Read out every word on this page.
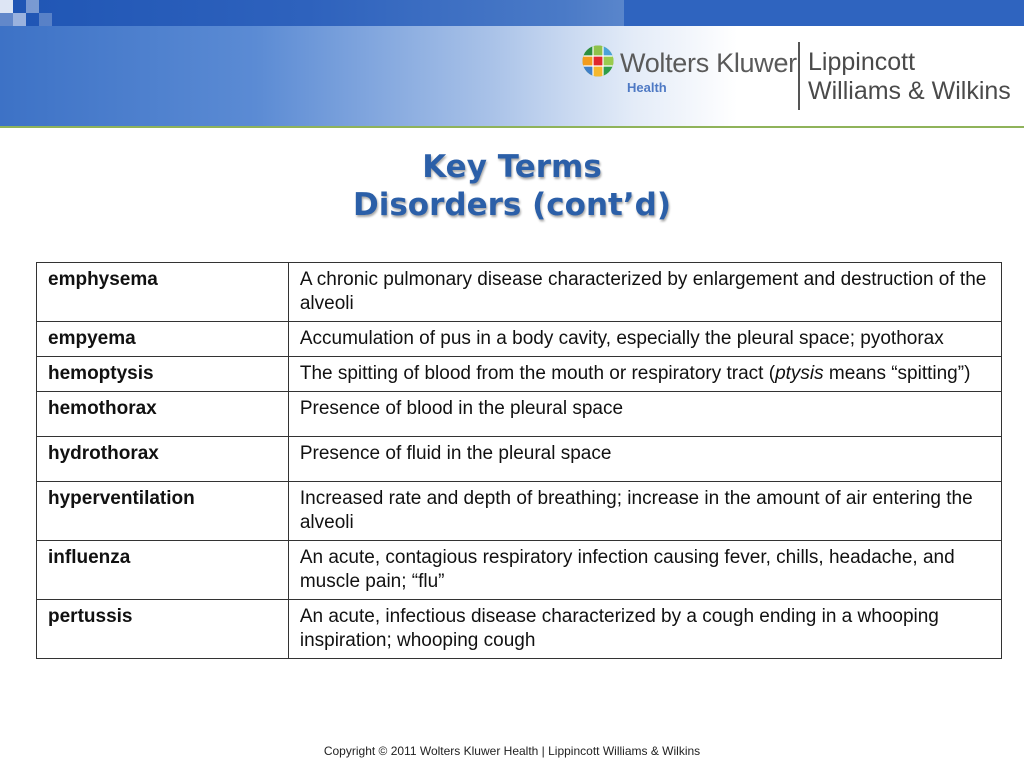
Wolters Kluwer
Health
Lippincott
Williams & Wilkins
Key Terms
Disorders (cont’d)
emphysema	A chronic pulmonary disease characterized by enlargement and destruction of the alveoli
empyema	Accumulation of pus in a body cavity, especially the pleural space; pyothorax
hemoptysis	The spitting of blood from the mouth or respiratory tract (ptysis means “spitting”)
hemothorax	Presence of blood in the pleural space
hydrothorax	Presence of fluid in the pleural space
hyperventilation	Increased rate and depth of breathing; increase in the amount of air entering the alveoli
influenza	An acute, contagious respiratory infection causing fever, chills, headache, and muscle pain; “flu”
pertussis	An acute, infectious disease characterized by a cough ending in a whooping inspiration; whooping cough
Copyright © 2011 Wolters Kluwer Health | Lippincott Williams & Wilkins
